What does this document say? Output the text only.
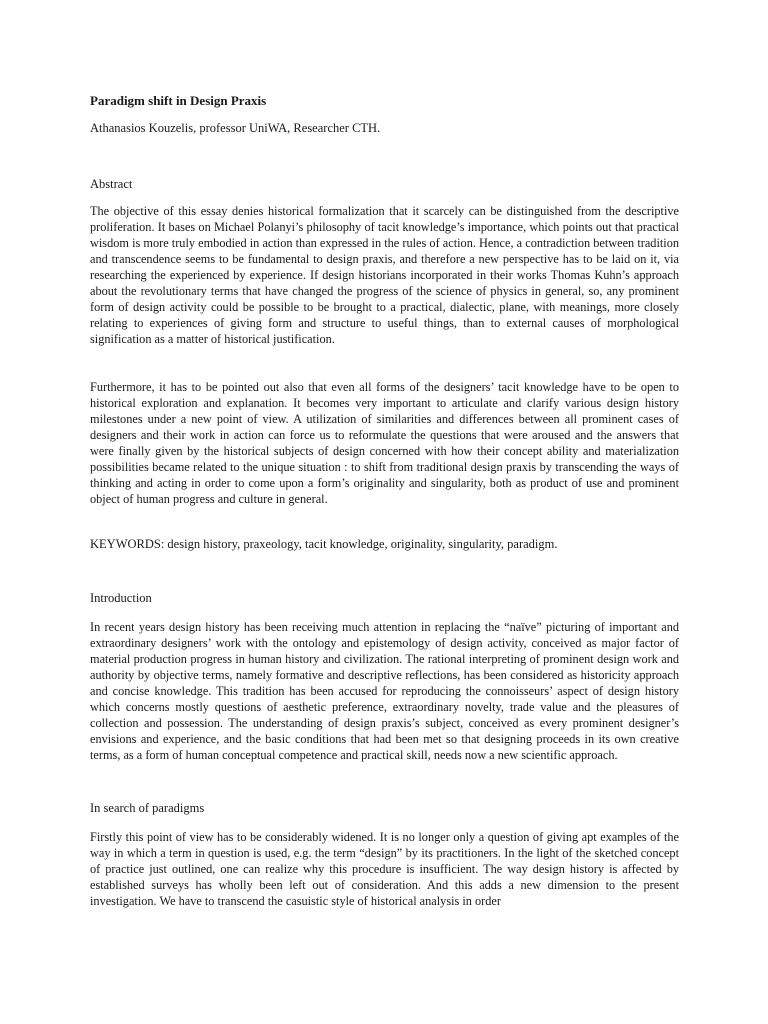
Paradigm shift in Design Praxis

Athanasios Kouzelis, professor UniWA, Researcher CTH.

Abstract

The objective of this essay denies historical formalization that it scarcely can be distinguished from the descriptive proliferation. It bases on Michael Polanyi’s philosophy of tacit knowledge’s importance, which points out that practical wisdom is more truly embodied in action than expressed in the rules of action. Hence, a contradiction between tradition and transcendence seems to be fundamental to design praxis, and therefore a new perspective has to be laid on it, via researching the experienced by experience. If design historians incorporated in their works Thomas Kuhn’s approach about the revolutionary terms that have changed the progress of the science of physics in general, so, any prominent form of design activity could be possible to be brought to a practical, dialectic, plane, with meanings, more closely relating to experiences of giving form and structure to useful things, than to external causes of morphological signification as a matter of historical justification.

Furthermore, it has to be pointed out also that even all forms of the designers’ tacit knowledge have to be open to historical exploration and explanation. It becomes very important to articulate and clarify various design history milestones under a new point of view. A utilization of similarities and differences between all prominent cases of designers and their work in action can force us to reformulate the questions that were aroused and the answers that were finally given by the historical subjects of design concerned with how their concept ability and materialization possibilities became related to the unique situation : to shift from traditional design praxis by transcending the ways of thinking and acting in order to come upon a form’s originality and singularity, both as product of use and prominent object of human progress and culture in general.

KEYWORDS: design history, praxeology, tacit knowledge, originality, singularity, paradigm.

Introduction

In recent years design history has been receiving much attention in replacing the “naïve” picturing of important and extraordinary designers’ work with the ontology and epistemology of design activity, conceived as major factor of material production progress in human history and civilization. The rational interpreting of prominent design work and authority by objective terms, namely formative and descriptive reflections, has been considered as historicity approach and concise knowledge. This tradition has been accused for reproducing the connoisseurs’ aspect of design history which concerns mostly questions of aesthetic preference, extraordinary novelty, trade value and the pleasures of collection and possession. The understanding of design praxis’s subject, conceived as every prominent designer’s envisions and experience, and the basic conditions that had been met so that designing proceeds in its own creative terms, as a form of human conceptual competence and practical skill, needs now a new scientific approach.

In search of paradigms

Firstly this point of view has to be considerably widened. It is no longer only a question of giving apt examples of the way in which a term in question is used, e.g. the term “design” by its practitioners. In the light of the sketched concept of practice just outlined, one can realize why this procedure is insufficient. The way design history is affected by established surveys has wholly been left out of consideration. And this adds a new dimension to the present investigation. We have to transcend the casuistic style of historical analysis in order
